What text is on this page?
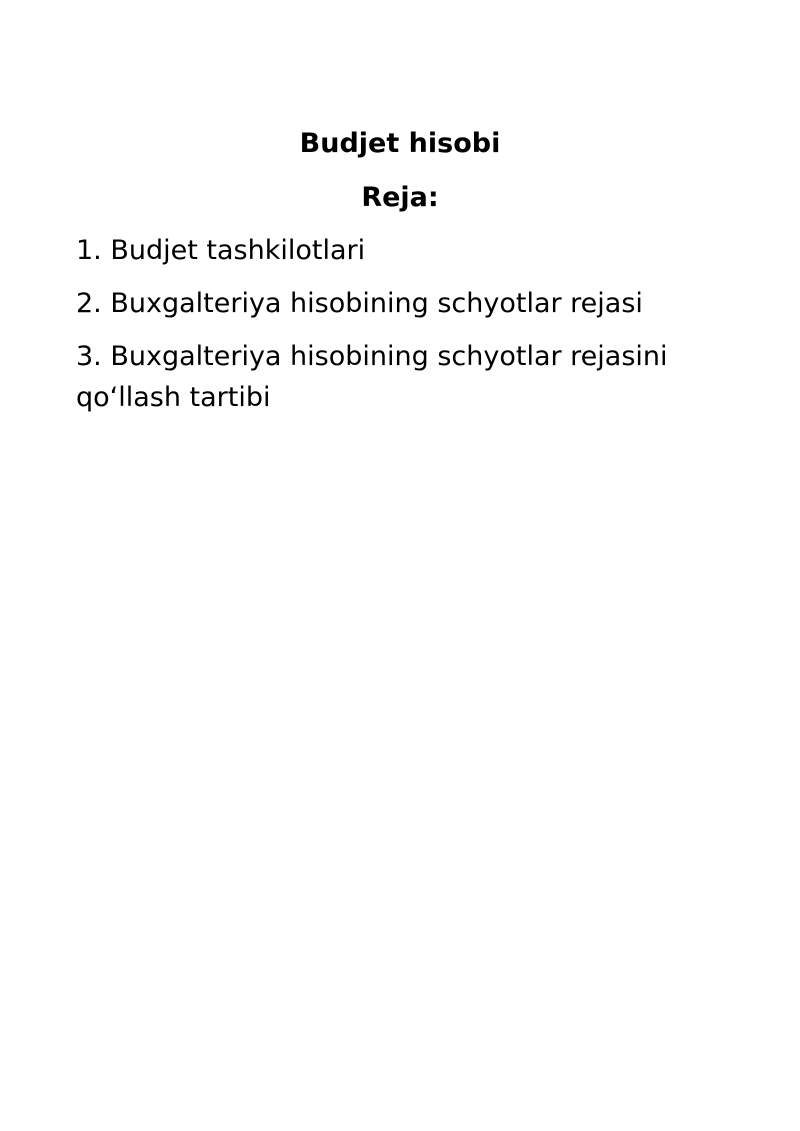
Budjet hisobi
Reja:
1. Budjet tashkilotlari
2. Buxgalteriya hisobining schyotlar rejasi
3. Buxgalteriya hisobining schyotlar rejasini qo‘llash tartibi
